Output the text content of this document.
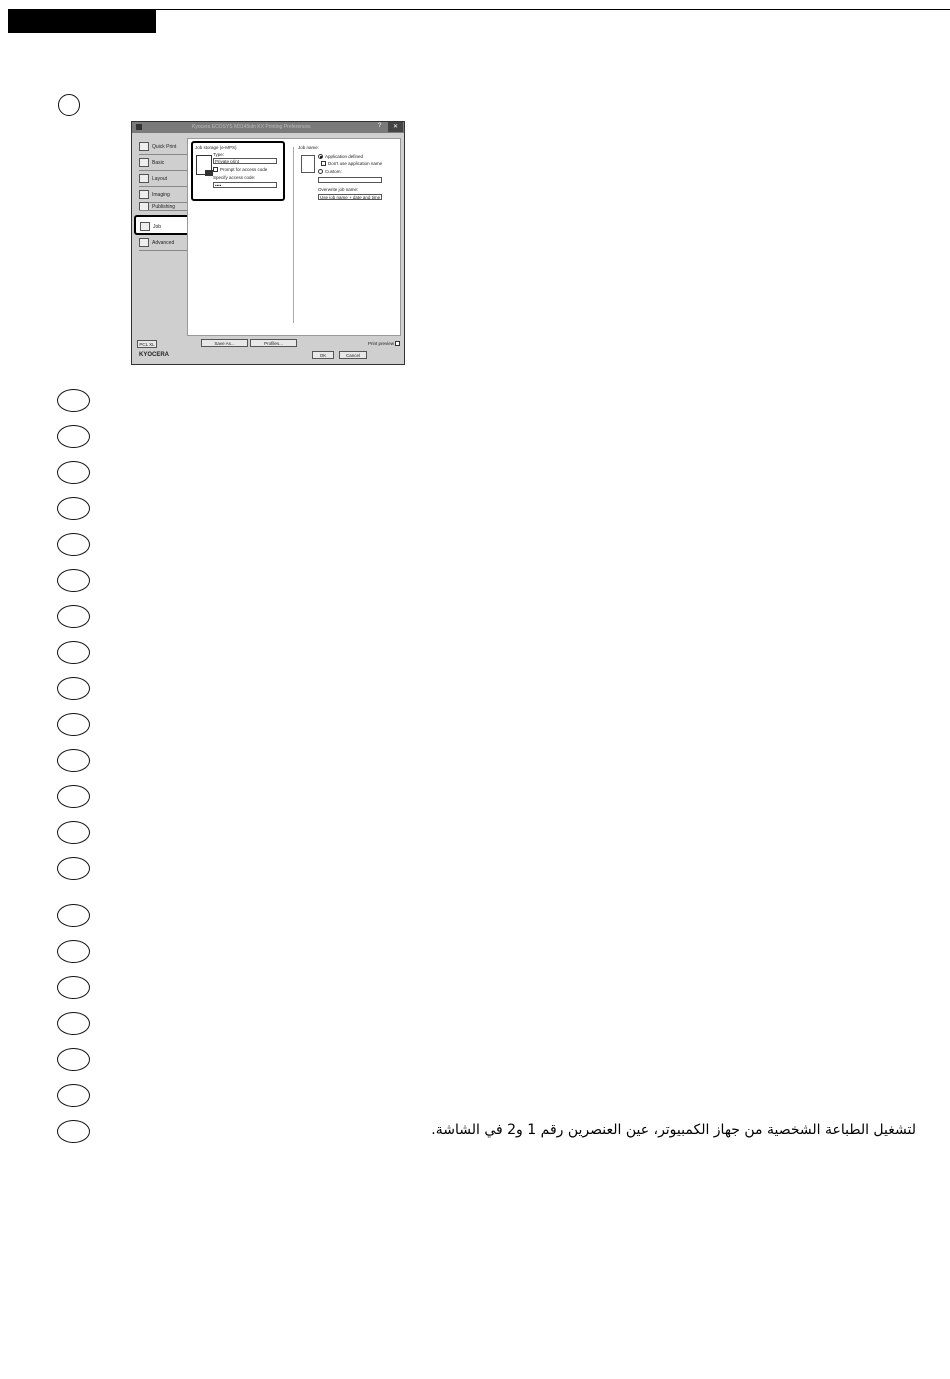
Kyocera ECOSYS M3145idn KX Printing Preferences	?	✕
Quick Print
Basic
Layout
Imaging
Publishing
Job
Advanced
Job storage (e-MPS)
Type:
Private print
Prompt for access code
Specify access code:
••••
Job name:
Application defined
Don't use application name
Custom:
Overwrite job name:
Use job name + date and time
PCL XL	Save As...	Profiles...	Print preview
KYOCERA	OK	Cancel
لتشغيل الطباعة الشخصية من جهاز الكمبيوتر، عين العنصرين رقم 1 و2 في الشاشة.
